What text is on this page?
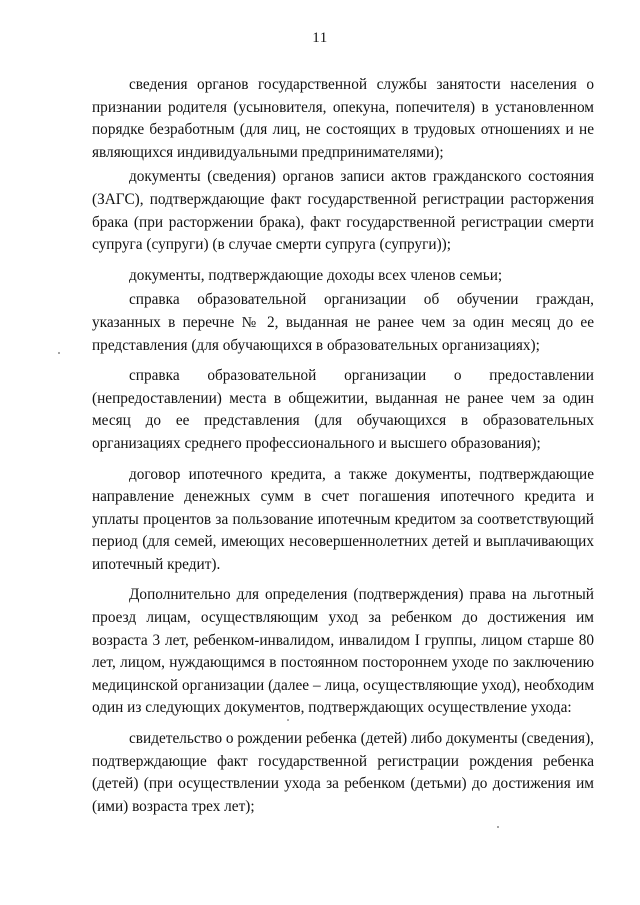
11

сведения органов государственной службы занятости населения о признании родителя (усыновителя, опекуна, попечителя) в установленном порядке безработным (для лиц, не состоящих в трудовых отношениях и не являющихся индивидуальными предпринимателями);

документы (сведения) органов записи актов гражданского состояния (ЗАГС), подтверждающие факт государственной регистрации расторжения брака (при расторжении брака), факт государственной регистрации смерти супруга (супруги) (в случае смерти супруга (супруги));

документы, подтверждающие доходы всех членов семьи;

справка образовательной организации об обучении граждан, указанных в перечне № 2, выданная не ранее чем за один месяц до ее представления (для обучающихся в образовательных организациях);

справка образовательной организации о предоставлении (непредоставлении) места в общежитии, выданная не ранее чем за один месяц до ее представления (для обучающихся в образовательных организациях среднего профессионального и высшего образования);

договор ипотечного кредита, а также документы, подтверждающие направление денежных сумм в счет погашения ипотечного кредита и уплаты процентов за пользование ипотечным кредитом за соответствующий период (для семей, имеющих несовершеннолетних детей и выплачивающих ипотечный кредит).

Дополнительно для определения (подтверждения) права на льготный проезд лицам, осуществляющим уход за ребенком до достижения им возраста 3 лет, ребенком-инвалидом, инвалидом I группы, лицом старше 80 лет, лицом, нуждающимся в постоянном постороннем уходе по заключению медицинской организации (далее – лица, осуществляющие уход), необходим один из следующих документов, подтверждающих осуществление ухода:

свидетельство о рождении ребенка (детей) либо документы (сведения), подтверждающие факт государственной регистрации рождения ребенка (детей) (при осуществлении ухода за ребенком (детьми) до достижения им (ими) возраста трех лет);
